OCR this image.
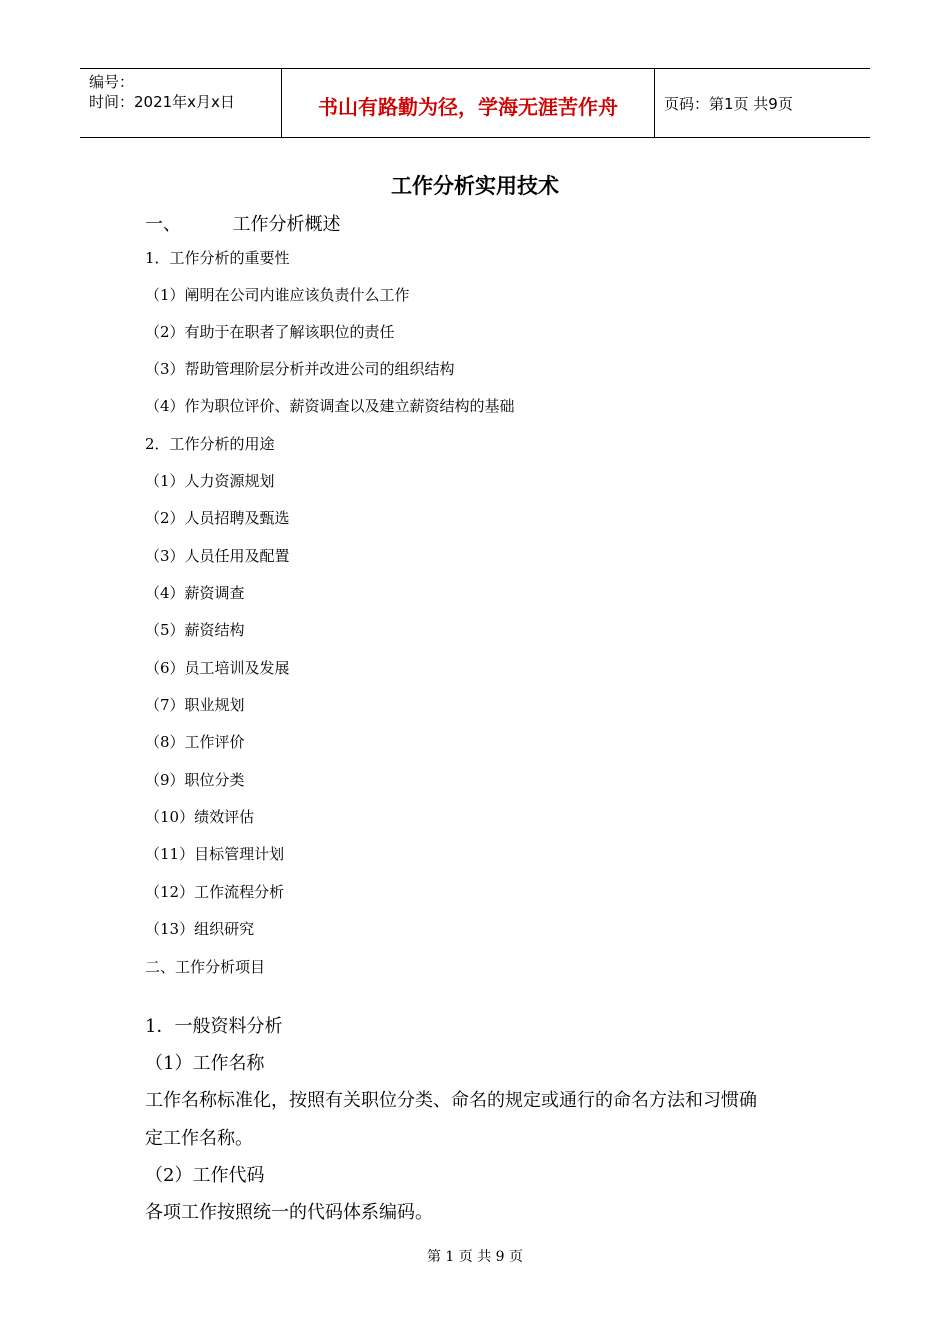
编号：
时间：2021年x月x日	书山有路勤为径，学海无涯苦作舟	页码：第1页 共9页
工作分析实用技术
一、	工作分析概述
1．工作分析的重要性
（1）阐明在公司内谁应该负责什么工作
（2）有助于在职者了解该职位的责任
（3）帮助管理阶层分析并改进公司的组织结构
（4）作为职位评价、薪资调查以及建立薪资结构的基础
2．工作分析的用途
（1）人力资源规划
（2）人员招聘及甄选
（3）人员任用及配置
（4）薪资调查
（5）薪资结构
（6）员工培训及发展
（7）职业规划
（8）工作评价
（9）职位分类
（10）绩效评估
（11）目标管理计划
（12）工作流程分析
（13）组织研究
二、工作分析项目
1．一般资料分析
（1）工作名称
工作名称标准化，按照有关职位分类、命名的规定或通行的命名方法和习惯确
定工作名称。
（2）工作代码
各项工作按照统一的代码体系编码。
第 1 页 共 9 页
